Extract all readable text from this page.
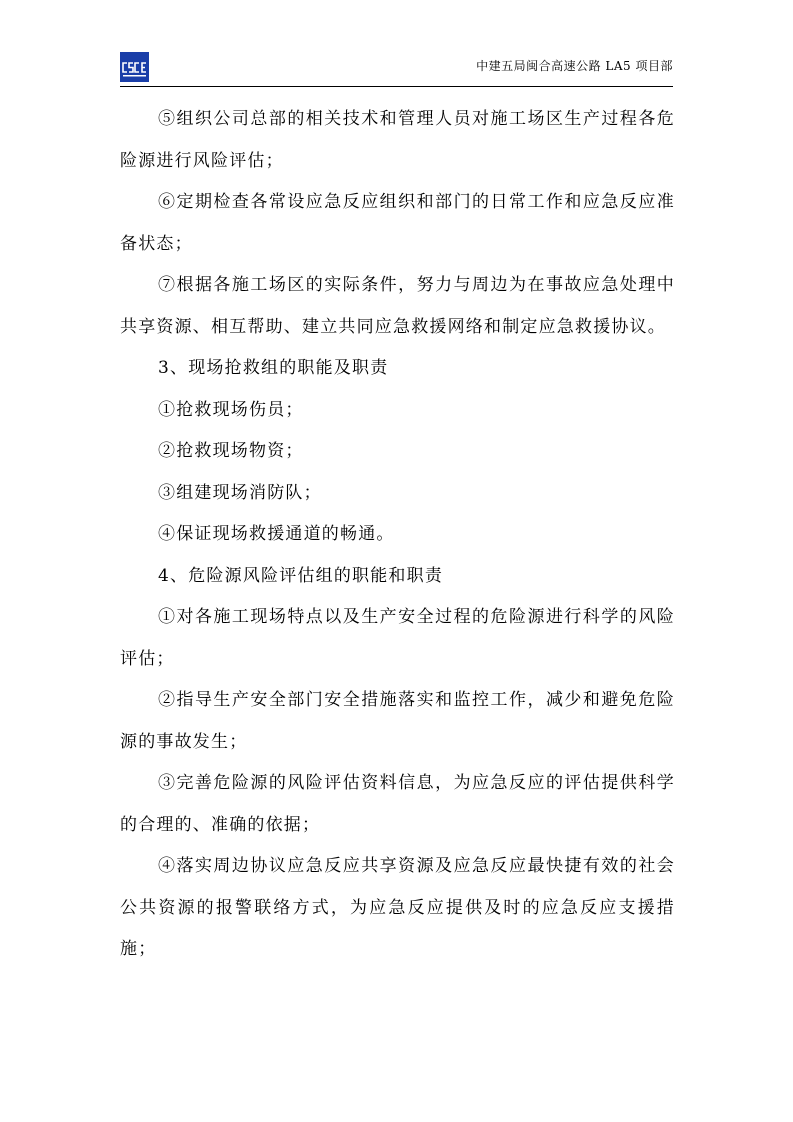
中建五局闽合高速公路 LA5 项目部

⑤组织公司总部的相关技术和管理人员对施工场区生产过程各危险源进行风险评估；

⑥定期检查各常设应急反应组织和部门的日常工作和应急反应准备状态；

⑦根据各施工场区的实际条件，努力与周边为在事故应急处理中共享资源、相互帮助、建立共同应急救援网络和制定应急救援协议。

3、现场抢救组的职能及职责

①抢救现场伤员；

②抢救现场物资；

③组建现场消防队；

④保证现场救援通道的畅通。

4、危险源风险评估组的职能和职责

①对各施工现场特点以及生产安全过程的危险源进行科学的风险评估；

②指导生产安全部门安全措施落实和监控工作，减少和避免危险源的事故发生；

③完善危险源的风险评估资料信息，为应急反应的评估提供科学的合理的、准确的依据；

④落实周边协议应急反应共享资源及应急反应最快捷有效的社会公共资源的报警联络方式，为应急反应提供及时的应急反应支援措施；
